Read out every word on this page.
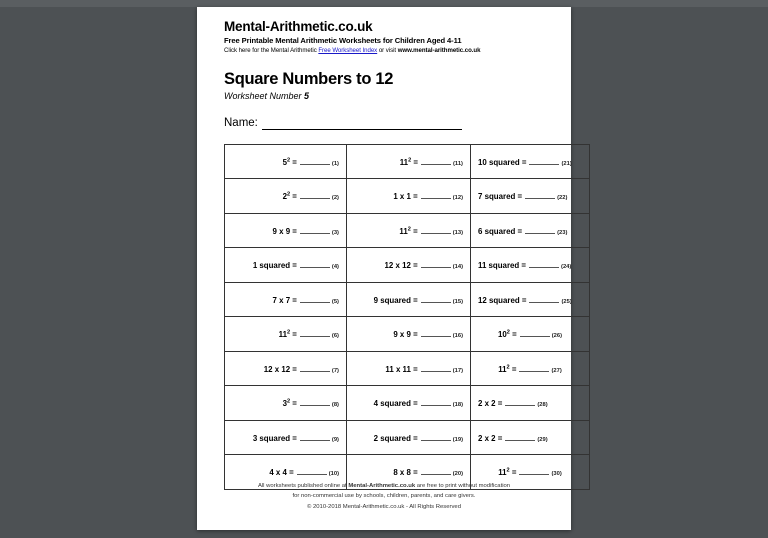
Mental-Arithmetic.co.uk
Free Printable Mental Arithmetic Worksheets for Children Aged 4-11
Click here for the Mental Arithmetic Free Worksheet Index or visit www.mental-arithmetic.co.uk
Square Numbers to 12
Worksheet Number 5
Name:
$5^2 = (1)$	$11^2 = (11)$	10 squared = (21)
$2^2 = (2)$	1 x 1 = (12)	7 squared = (22)
9 x 9 = (3)	$11^2 = (13)$	6 squared = (23)
1 squared = (4)	12 x 12 = (14)	11 squared = (24)
7 x 7 = (5)	9 squared = (15)	12 squared = (25)
$11^2 = (6)$	9 x 9 = (16)	$10^2 = (26)$
12 x 12 = (7)	11 x 11 = (17)	$11^2 = (27)$
$3^2 = (8)$	4 squared = (18)	2 x 2 = (28)
3 squared = (9)	2 squared = (19)	2 x 2 = (29)
4 x 4 = (10)	8 x 8 = (20)	$11^2 = (30)$
All worksheets published online at Mental-Arithmetic.co.uk are free to print without modification
for non-commercial use by schools, children, parents, and care givers.
© 2010-2018 Mental-Arithmetic.co.uk - All Rights Reserved
